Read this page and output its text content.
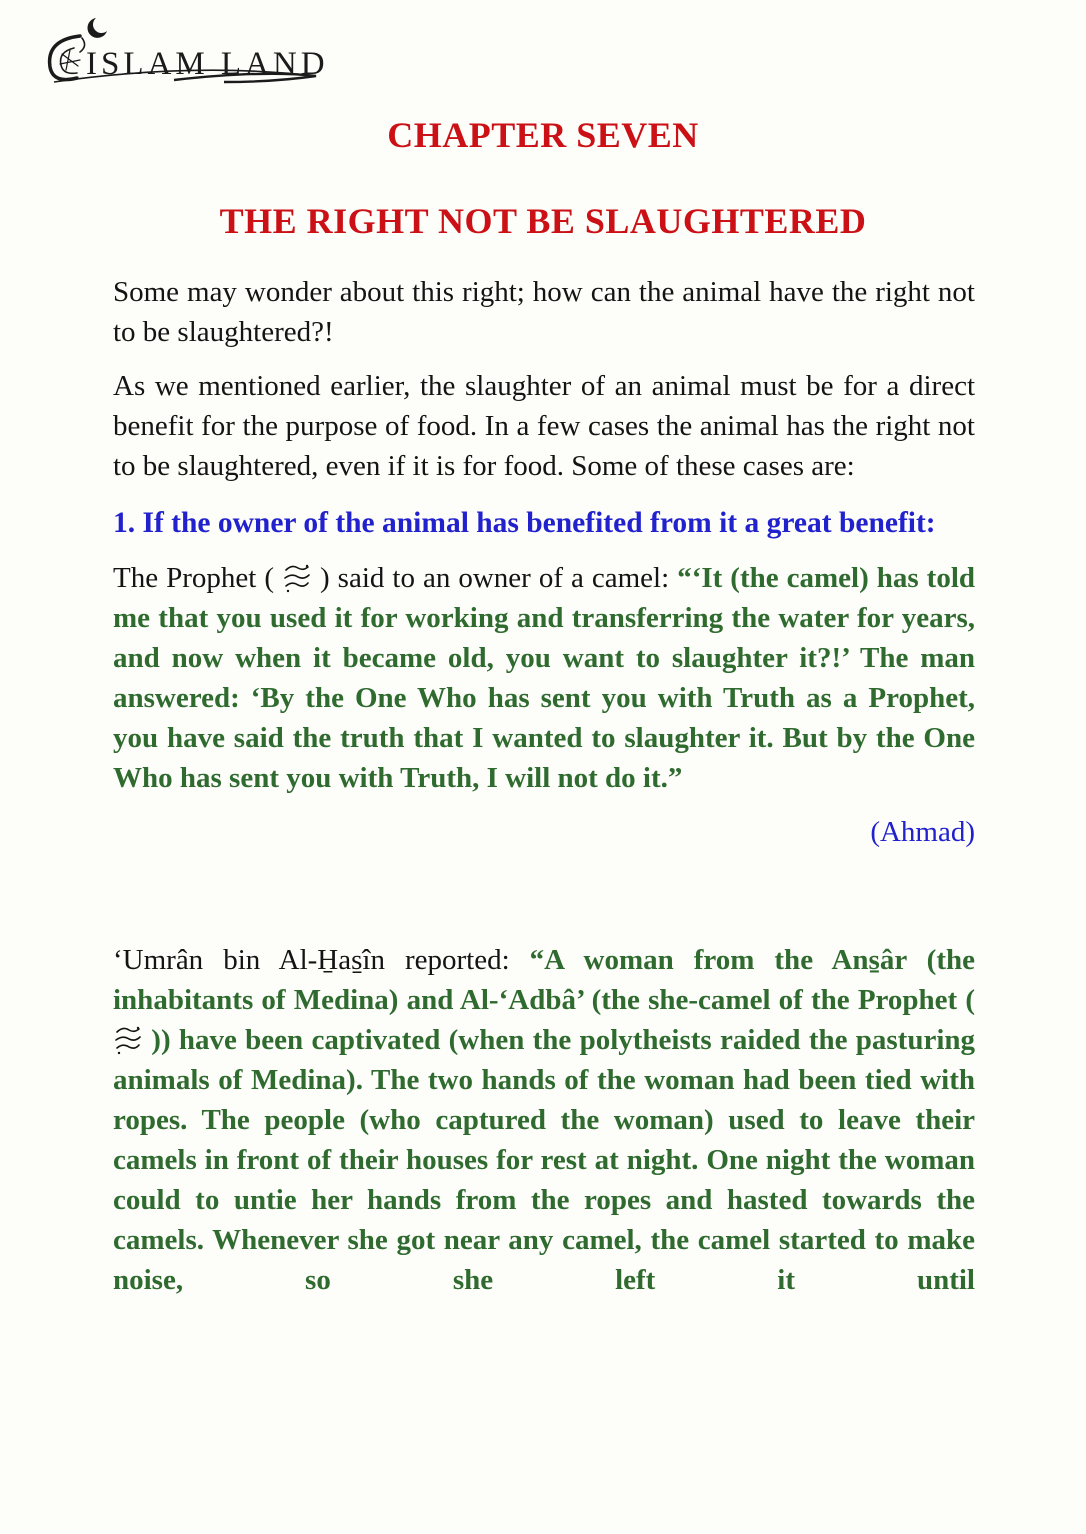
ISLAM LAND
CHAPTER SEVEN
THE RIGHT NOT BE SLAUGHTERED

Some may wonder about this right; how can the animal have the right not to be slaughtered?!

As we mentioned earlier, the slaughter of an animal must be for a direct benefit for the purpose of food. In a few cases the animal has the right not to be slaughtered, even if it is for food. Some of these cases are:

1. If the owner of the animal has benefited from it a great benefit:

The Prophet ( ) said to an owner of a camel: “‘It (the camel) has told me that you used it for working and transferring the water for years, and now when it became old, you want to slaughter it?!’ The man answered: ‘By the One Who has sent you with Truth as a Prophet, you have said the truth that I wanted to slaughter it. But by the One Who has sent you with Truth, I will not do it.”

(Ahmad)

‘Umrân bin Al-H̱as̱în reported: “A woman from the Ans̱âr (the inhabitants of Medina) and Al-‘Adbâ’ (the she-camel of the Prophet (  )) have been captivated (when the polytheists raided the pasturing animals of Medina). The two hands of the woman had been tied with ropes. The people (who captured the woman) used to leave their camels in front of their houses for rest at night. One night the woman could to untie her hands from the ropes and hasted towards the camels. Whenever she got near any camel, the camel started to make noise, so she left it until
